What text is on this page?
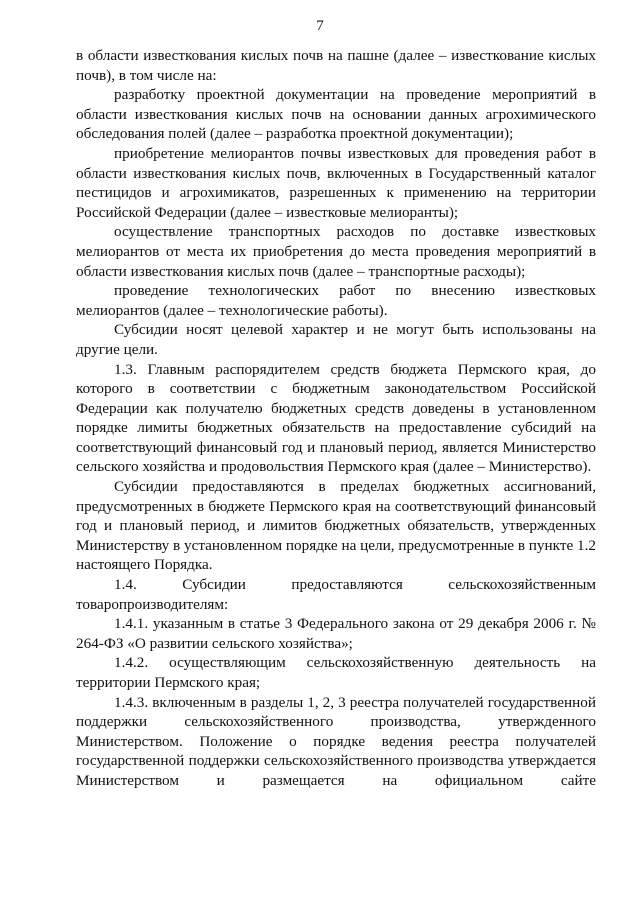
7

в области известкования кислых почв на пашне (далее – известкование кислых почв), в том числе на:

разработку проектной документации на проведение мероприятий в области известкования кислых почв на основании данных агрохимического обследования полей (далее – разработка проектной документации);

приобретение мелиорантов почвы известковых для проведения работ в области известкования кислых почв, включенных в Государственный каталог пестицидов и агрохимикатов, разрешенных к применению на территории Российской Федерации (далее – известковые мелиоранты);

осуществление транспортных расходов по доставке известковых мелиорантов от места их приобретения до места проведения мероприятий в области известкования кислых почв (далее – транспортные расходы);

проведение технологических работ по внесению известковых мелиорантов (далее – технологические работы).

Субсидии носят целевой характер и не могут быть использованы на другие цели.

1.3. Главным распорядителем средств бюджета Пермского края, до которого в соответствии с бюджетным законодательством Российской Федерации как получателю бюджетных средств доведены в установленном порядке лимиты бюджетных обязательств на предоставление субсидий на соответствующий финансовый год и плановый период, является Министерство сельского хозяйства и продовольствия Пермского края (далее – Министерство).

Субсидии предоставляются в пределах бюджетных ассигнований, предусмотренных в бюджете Пермского края на соответствующий финансовый год и плановый период, и лимитов бюджетных обязательств, утвержденных Министерству в установленном порядке на цели, предусмотренные в пункте 1.2 настоящего Порядка.

1.4. Субсидии предоставляются сельскохозяйственным товаропроизводителям:

1.4.1. указанным в статье 3 Федерального закона от 29 декабря 2006 г. № 264-ФЗ «О развитии сельского хозяйства»;

1.4.2. осуществляющим сельскохозяйственную деятельность на территории Пермского края;

1.4.3. включенным в разделы 1, 2, 3 реестра получателей государственной поддержки сельскохозяйственного производства, утвержденного Министерством. Положение о порядке ведения реестра получателей государственной поддержки сельскохозяйственного производства утверждается Министерством и размещается на официальном сайте
